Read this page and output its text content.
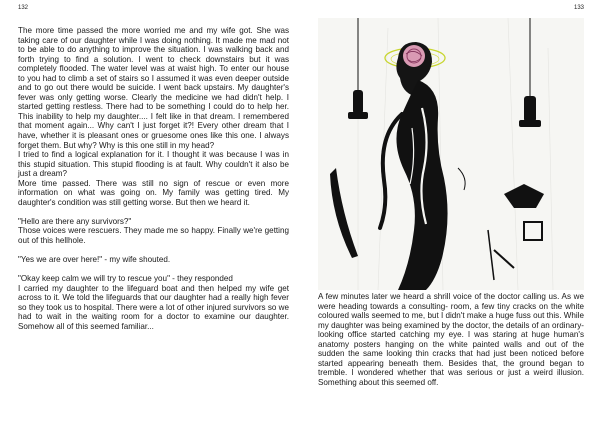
132	133

The more time passed the more worried me and my wife got. She was taking care of our daughter while I was doing nothing. It made me mad not to be able to do anything to improve the situation. I was walking back and forth trying to find a solution. I went to check downstairs but it was completely flooded. The water level was at waist high. To enter our house to you had to climb a set of stairs so I assumed it was even deeper outside and to go out there would be suicide. I went back upstairs. My daughter's fever was only getting worse. Clearly the medicine we had didn't help. I started getting restless. There had to be something I could do to help her. This inability to help my daughter.... I felt like in that dream. I remembered that moment again... Why can't I just forget it?! Every other dream that I have, whether it is pleasant ones or gruesome ones like this one. I always forget them. But why? Why is this one still in my head?

I tried to find a logical explanation for it. I thought it was because I was in this stupid situation. This stupid flooding is at fault. Why couldn't it also be just a dream?

More time passed. There was still no sign of rescue or even more information on what was going on. My family was getting tired. My daughter's condition was still getting worse. But then we heard it.

"Hello are there any survivors?"

Those voices were rescuers. They made me so happy. Finally we're getting out of this hellhole.

"Yes we are over here!" - my wife shouted.

"Okay keep calm we will try to rescue you" - they responded

I carried my daughter to the lifeguard boat and then helped my wife get across to it. We told the lifeguards that our daughter had a really high fever so they took us to hospital. There were a lot of other injured survivors so we had to wait in the waiting room for a doctor to examine our daughter. Somehow all of this seemed familiar...

A few minutes later we heard a shrill voice of the doctor calling us. As we were heading towards a consulting- room, a few tiny cracks on the white coloured walls seemed to me, but I didn't make a huge fuss out this. While my daughter was being examined by the doctor, the details of an ordinary-looking office started catching my eye. I was staring at huge human's anatomy posters hanging on the white painted walls and out of the sudden the same looking thin cracks that had just been noticed before started appearing beneath them. Besides that, the ground began to tremble. I wondered whether that was serious or just a weird illusion. Something about this seemed off.
